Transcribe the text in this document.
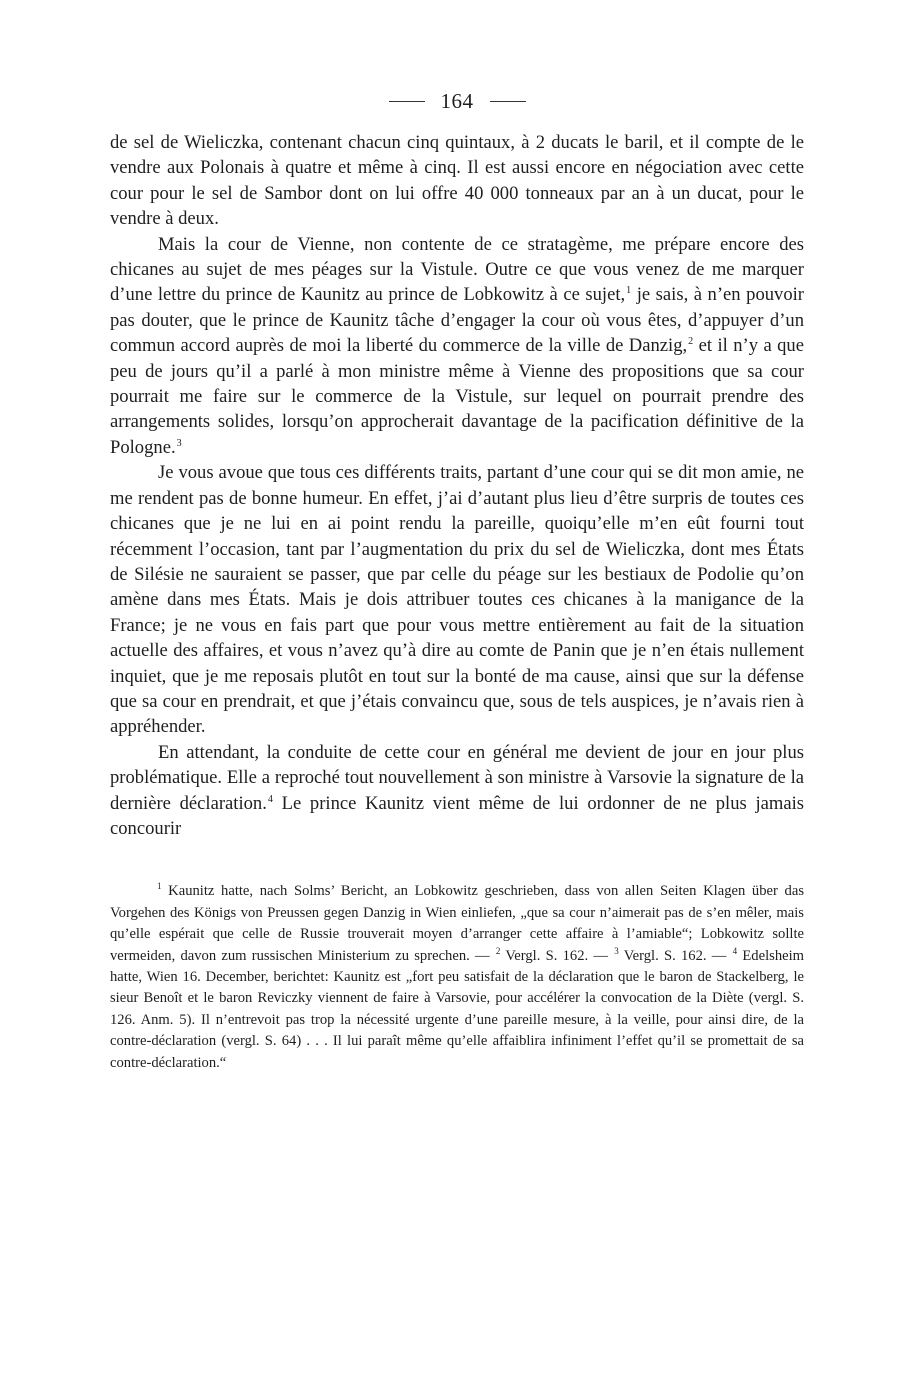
164

de sel de Wieliczka, contenant chacun cinq quintaux, à 2 ducats le baril, et il compte de le vendre aux Polonais à quatre et même à cinq. Il est aussi encore en négociation avec cette cour pour le sel de Sambor dont on lui offre 40 000 tonneaux par an à un ducat, pour le vendre à deux.

Mais la cour de Vienne, non contente de ce stratagème, me prépare encore des chicanes au sujet de mes péages sur la Vistule. Outre ce que vous venez de me marquer d’une lettre du prince de Kaunitz au prince de Lobkowitz à ce sujet,$^1$ je sais, à n’en pouvoir pas douter, que le prince de Kaunitz tâche d’engager la cour où vous êtes, d’appuyer d’un commun accord auprès de moi la liberté du commerce de la ville de Danzig,$^2$ et il n’y a que peu de jours qu’il a parlé à mon ministre même à Vienne des propositions que sa cour pourrait me faire sur le commerce de la Vistule, sur lequel on pourrait prendre des arrangements solides, lorsqu’on approcherait davantage de la pacification définitive de la Pologne.$^3$

Je vous avoue que tous ces différents traits, partant d’une cour qui se dit mon amie, ne me rendent pas de bonne humeur. En effet, j’ai d’autant plus lieu d’être surpris de toutes ces chicanes que je ne lui en ai point rendu la pareille, quoiqu’elle m’en eût fourni tout récemment l’occasion, tant par l’augmentation du prix du sel de Wieliczka, dont mes États de Silésie ne sauraient se passer, que par celle du péage sur les bestiaux de Podolie qu’on amène dans mes États. Mais je dois attribuer toutes ces chicanes à la manigance de la France; je ne vous en fais part que pour vous mettre entièrement au fait de la situation actuelle des affaires, et vous n’avez qu’à dire au comte de Panin que je n’en étais nullement inquiet, que je me reposais plutôt en tout sur la bonté de ma cause, ainsi que sur la défense que sa cour en prendrait, et que j’étais convaincu que, sous de tels auspices, je n’avais rien à appréhender.

En attendant, la conduite de cette cour en général me devient de jour en jour plus problématique. Elle a reproché tout nouvellement à son ministre à Varsovie la signature de la dernière déclaration.$^4$ Le prince Kaunitz vient même de lui ordonner de ne plus jamais concourir

$^1$ Kaunitz hatte, nach Solms’ Bericht, an Lobkowitz geschrieben, dass von allen Seiten Klagen über das Vorgehen des Königs von Preussen gegen Danzig in Wien einliefen, „que sa cour n’aimerait pas de s’en mêler, mais qu’elle espérait que celle de Russie trouverait moyen d’arranger cette affaire à l’amiable“; Lobkowitz sollte vermeiden, davon zum russischen Ministerium zu sprechen. — $^2$ Vergl. S. 162. — $^3$ Vergl. S. 162. — $^4$ Edelsheim hatte, Wien 16. December, berichtet: Kaunitz est „fort peu satisfait de la déclaration que le baron de Stackelberg, le sieur Benoît et le baron Reviczky viennent de faire à Varsovie, pour accélérer la convocation de la Diète (vergl. S. 126. Anm. 5). Il n’entrevoit pas trop la nécessité urgente d’une pareille mesure, à la veille, pour ainsi dire, de la contre-déclaration (vergl. S. 64) . . . Il lui paraît même qu’elle affaiblira infiniment l’effet qu’il se promettait de sa contre-déclaration.“
